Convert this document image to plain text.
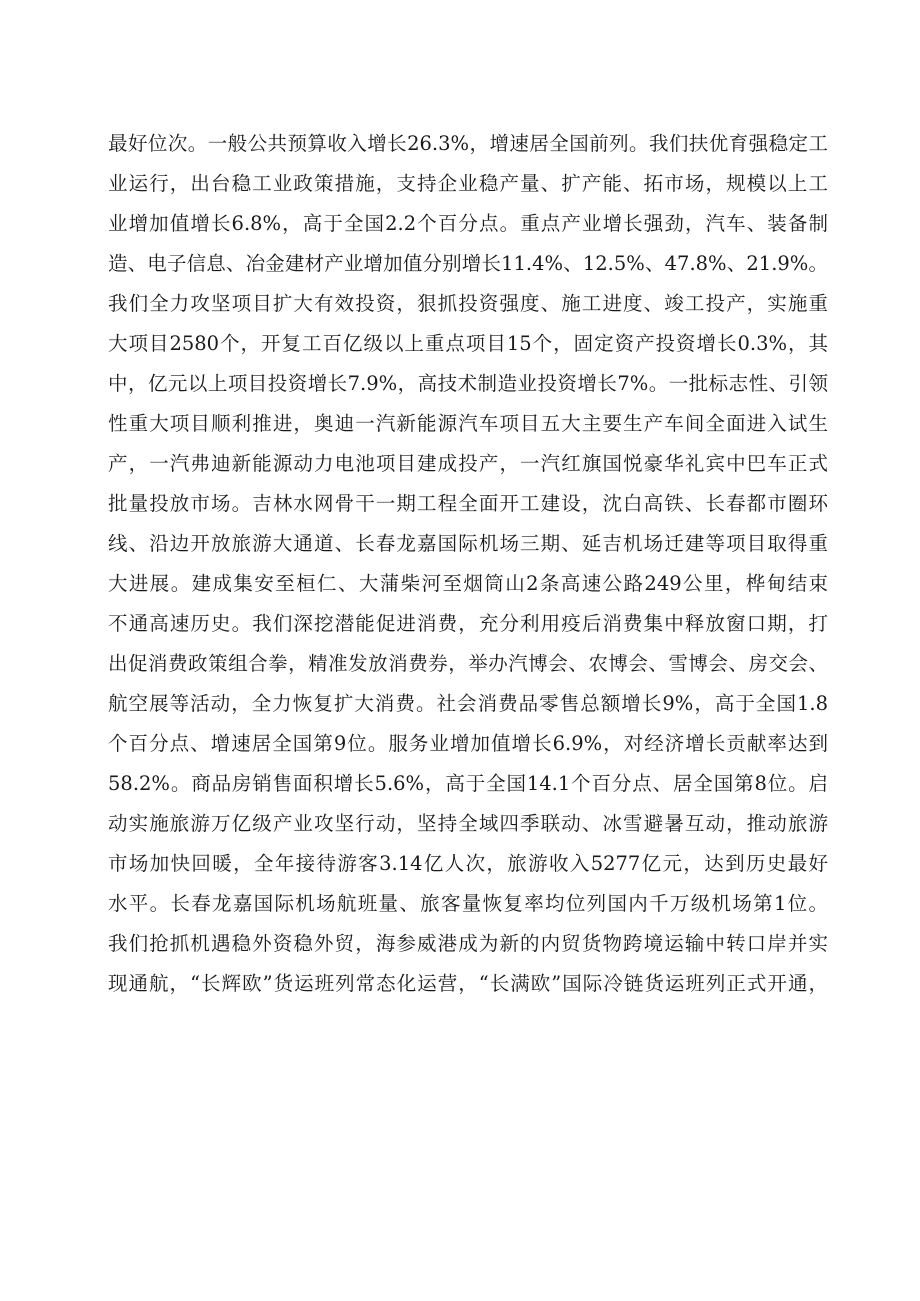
最好位次。一般公共预算收入增长26.3%，增速居全国前列。我们扶优育强稳定工
业运行，出台稳工业政策措施，支持企业稳产量、扩产能、拓市场，规模以上工
业增加值增长6.8%，高于全国2.2个百分点。重点产业增长强劲，汽车、装备制
造、电子信息、冶金建材产业增加值分别增长11.4%、12.5%、47.8%、21.9%。
我们全力攻坚项目扩大有效投资，狠抓投资强度、施工进度、竣工投产，实施重
大项目2580个，开复工百亿级以上重点项目15个，固定资产投资增长0.3%，其
中，亿元以上项目投资增长7.9%，高技术制造业投资增长7%。一批标志性、引领
性重大项目顺利推进，奥迪一汽新能源汽车项目五大主要生产车间全面进入试生
产，一汽弗迪新能源动力电池项目建成投产，一汽红旗国悦豪华礼宾中巴车正式
批量投放市场。吉林水网骨干一期工程全面开工建设，沈白高铁、长春都市圈环
线、沿边开放旅游大通道、长春龙嘉国际机场三期、延吉机场迁建等项目取得重
大进展。建成集安至桓仁、大蒲柴河至烟筒山2条高速公路249公里，桦甸结束
不通高速历史。我们深挖潜能促进消费，充分利用疫后消费集中释放窗口期，打
出促消费政策组合拳，精准发放消费券，举办汽博会、农博会、雪博会、房交会、
航空展等活动，全力恢复扩大消费。社会消费品零售总额增长9%，高于全国1.8
个百分点、增速居全国第9位。服务业增加值增长6.9%，对经济增长贡献率达到
58.2%。商品房销售面积增长5.6%，高于全国14.1个百分点、居全国第8位。启
动实施旅游万亿级产业攻坚行动，坚持全域四季联动、冰雪避暑互动，推动旅游
市场加快回暖，全年接待游客3.14亿人次，旅游收入5277亿元，达到历史最好
水平。长春龙嘉国际机场航班量、旅客量恢复率均位列国内千万级机场第1位。
我们抢抓机遇稳外资稳外贸，海参威港成为新的内贸货物跨境运输中转口岸并实
现通航，“长辉欧”货运班列常态化运营，“长满欧”国际冷链货运班列正式开通，
